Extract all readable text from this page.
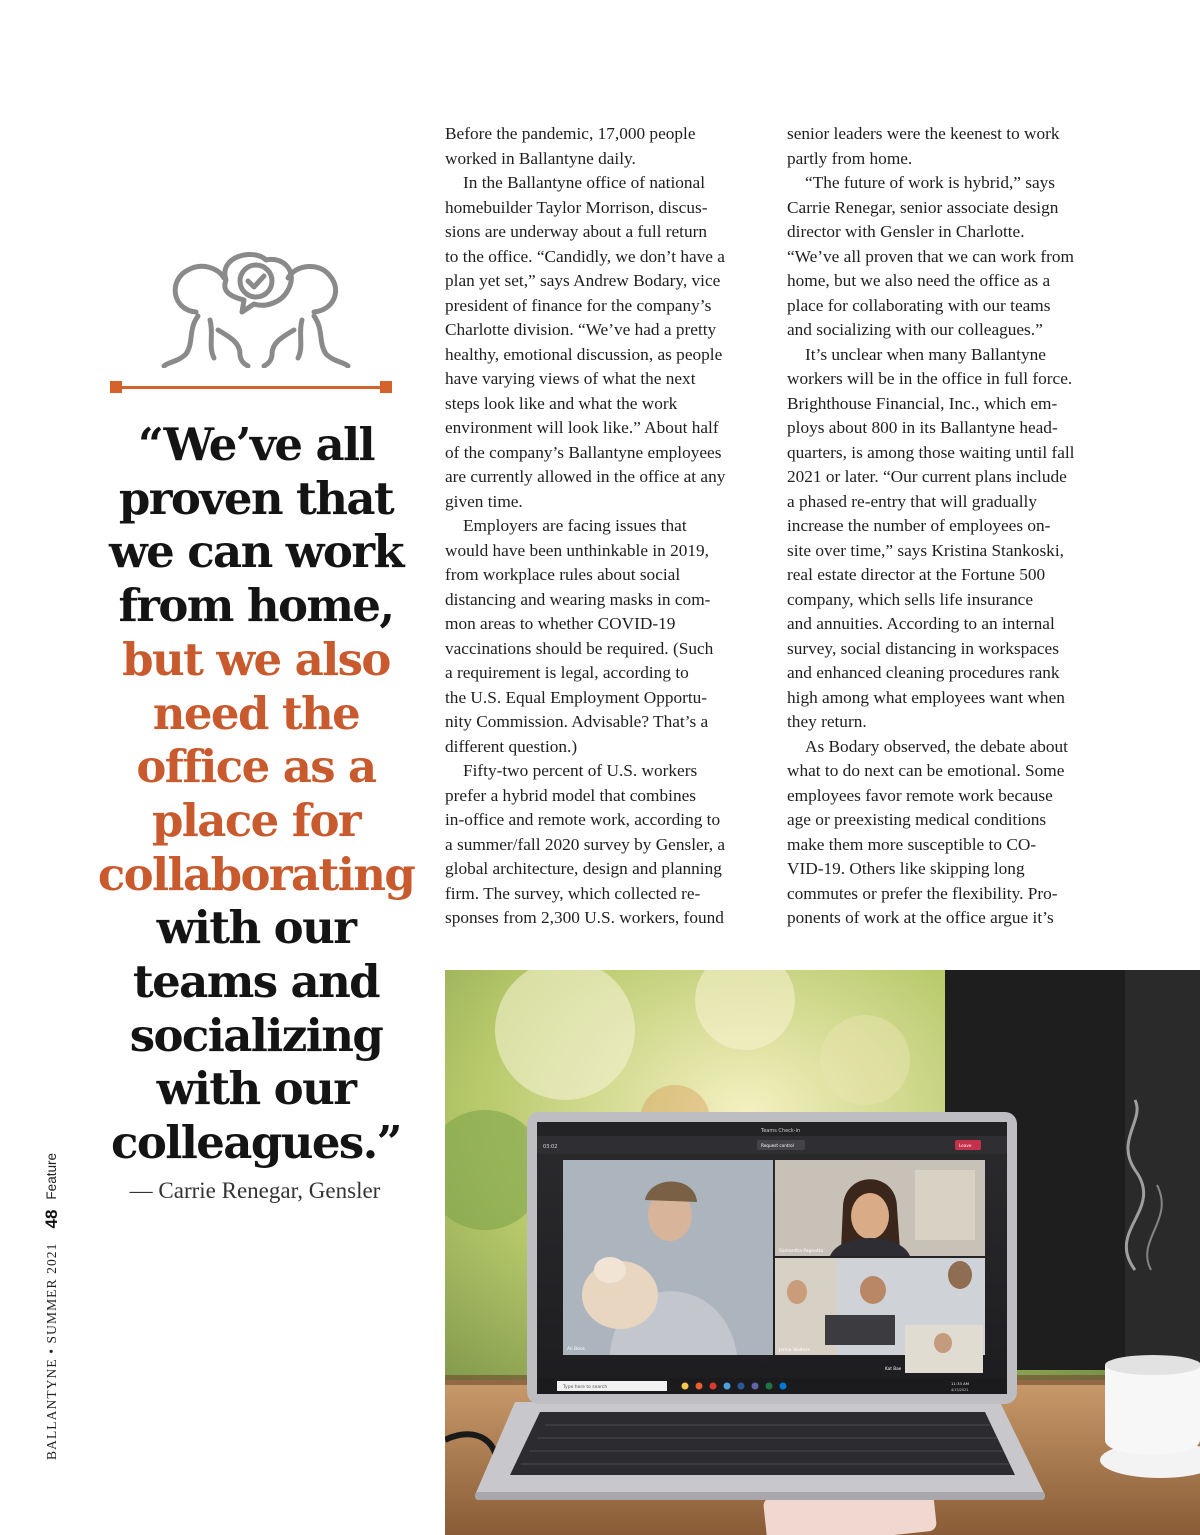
“We’ve all
proven that
we can work
from home,
but we also
need the
office as a
place for
collaborating
with our
teams and
socializing
with our
colleagues.”
— Carrie Renegar, Gensler
Before the pandemic, 17,000 people
worked in Ballantyne daily.
In the Ballantyne office of national
homebuilder Taylor Morrison, discus-
sions are underway about a full return
to the office. “Candidly, we don’t have a
plan yet set,” says Andrew Bodary, vice
president of finance for the company’s
Charlotte division. “We’ve had a pretty
healthy, emotional discussion, as people
have varying views of what the next
steps look like and what the work
environment will look like.” About half
of the company’s Ballantyne employees
are currently allowed in the office at any
given time.
Employers are facing issues that
would have been unthinkable in 2019,
from workplace rules about social
distancing and wearing masks in com-
mon areas to whether COVID-19
vaccinations should be required. (Such
a requirement is legal, according to
the U.S. Equal Employment Opportu-
nity Commission. Advisable? That’s a
different question.)
Fifty-two percent of U.S. workers
prefer a hybrid model that combines
in-office and remote work, according to
a summer/fall 2020 survey by Gensler, a
global architecture, design and planning
firm. The survey, which collected re-
sponses from 2,300 U.S. workers, found
senior leaders were the keenest to work
partly from home.
“The future of work is hybrid,” says
Carrie Renegar, senior associate design
director with Gensler in Charlotte.
“We’ve all proven that we can work from
home, but we also need the office as a
place for collaborating with our teams
and socializing with our colleagues.”
It’s unclear when many Ballantyne
workers will be in the office in full force.
Brighthouse Financial, Inc., which em-
ploys about 800 in its Ballantyne head-
quarters, is among those waiting until fall
2021 or later. “Our current plans include
a phased re-entry that will gradually
increase the number of employees on-
site over time,” says Kristina Stankoski,
real estate director at the Fortune 500
company, which sells life insurance
and annuities. According to an internal
survey, social distancing in workspaces
and enhanced cleaning procedures rank
high among what employees want when
they return.
As Bodary observed, the debate about
what to do next can be emotional. Some
employees favor remote work because
age or preexisting medical conditions
make them more susceptible to CO-
VID-19. Others like skipping long
commutes or prefer the flexibility. Pro-
ponents of work at the office argue it’s
BALLANTYNE • SUMMER 202148Feature
Teams Check-in
03:02	Request control	Leave
Ali Beck
Samantha Pagnotta
Jenna Wolters
Kat Bae
Type here to search
11:33 AM
4/15/2021
